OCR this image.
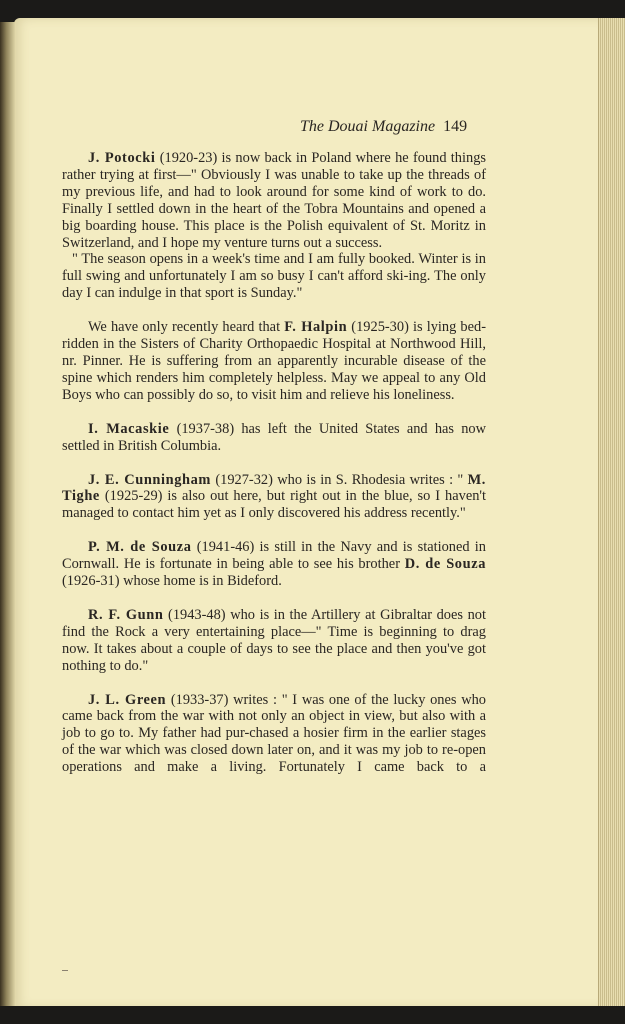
The Douai Magazine 149

J. Potocki (1920-23) is now back in Poland where he found things rather trying at first—" Obviously I was unable to take up the threads of my previous life, and had to look around for some kind of work to do. Finally I settled down in the heart of the Tobra Mountains and opened a big boarding house. This place is the Polish equivalent of St. Moritz in Switzerland, and I hope my venture turns out a success.

" The season opens in a week's time and I am fully booked. Winter is in full swing and unfortunately I am so busy I can't afford ski-ing. The only day I can indulge in that sport is Sunday."

We have only recently heard that F. Halpin (1925-30) is lying bed-ridden in the Sisters of Charity Orthopaedic Hospital at Northwood Hill, nr. Pinner. He is suffering from an apparently incurable disease of the spine which renders him completely helpless. May we appeal to any Old Boys who can possibly do so, to visit him and relieve his loneliness.

I. Macaskie (1937-38) has left the United States and has now settled in British Columbia.

J. E. Cunningham (1927-32) who is in S. Rhodesia writes : " M. Tighe (1925-29) is also out here, but right out in the blue, so I haven't managed to contact him yet as I only discovered his address recently."

P. M. de Souza (1941-46) is still in the Navy and is stationed in Cornwall. He is fortunate in being able to see his brother D. de Souza (1926-31) whose home is in Bideford.

R. F. Gunn (1943-48) who is in the Artillery at Gibraltar does not find the Rock a very entertaining place—" Time is beginning to drag now. It takes about a couple of days to see the place and then you've got nothing to do."

J. L. Green (1933-37) writes : " I was one of the lucky ones who came back from the war with not only an object in view, but also with a job to go to. My father had pur-chased a hosier firm in the earlier stages of the war which was closed down later on, and it was my job to re-open operations and make a living. Fortunately I came back to a
